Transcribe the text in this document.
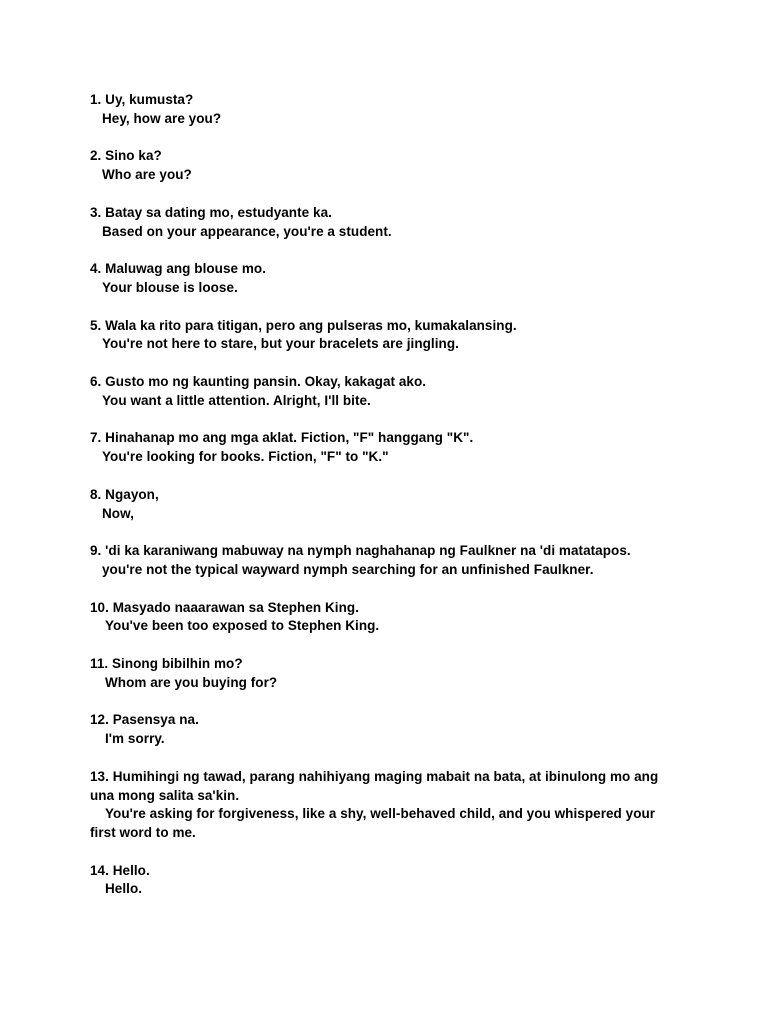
1. Uy, kumusta?
Hey, how are you?
2. Sino ka?
Who are you?
3. Batay sa dating mo, estudyante ka.
Based on your appearance, you're a student.
4. Maluwag ang blouse mo.
Your blouse is loose.
5. Wala ka rito para titigan, pero ang pulseras mo, kumakalansing.
You're not here to stare, but your bracelets are jingling.
6. Gusto mo ng kaunting pansin. Okay, kakagat ako.
You want a little attention. Alright, I'll bite.
7. Hinahanap mo ang mga aklat. Fiction, "F" hanggang "K".
You're looking for books. Fiction, "F" to "K."
8. Ngayon,
Now,
9. 'di ka karaniwang mabuway na nymph naghahanap ng Faulkner na 'di matatapos.
you're not the typical wayward nymph searching for an unfinished Faulkner.
10. Masyado naaarawan sa Stephen King.
You've been too exposed to Stephen King.
11. Sinong bibilhin mo?
Whom are you buying for?
12. Pasensya na.
I'm sorry.
13. Humihingi ng tawad, parang nahihiyang maging mabait na bata, at ibinulong mo ang
una mong salita sa'kin.
You're asking for forgiveness, like a shy, well-behaved child, and you whispered your
first word to me.
14. Hello.
Hello.
